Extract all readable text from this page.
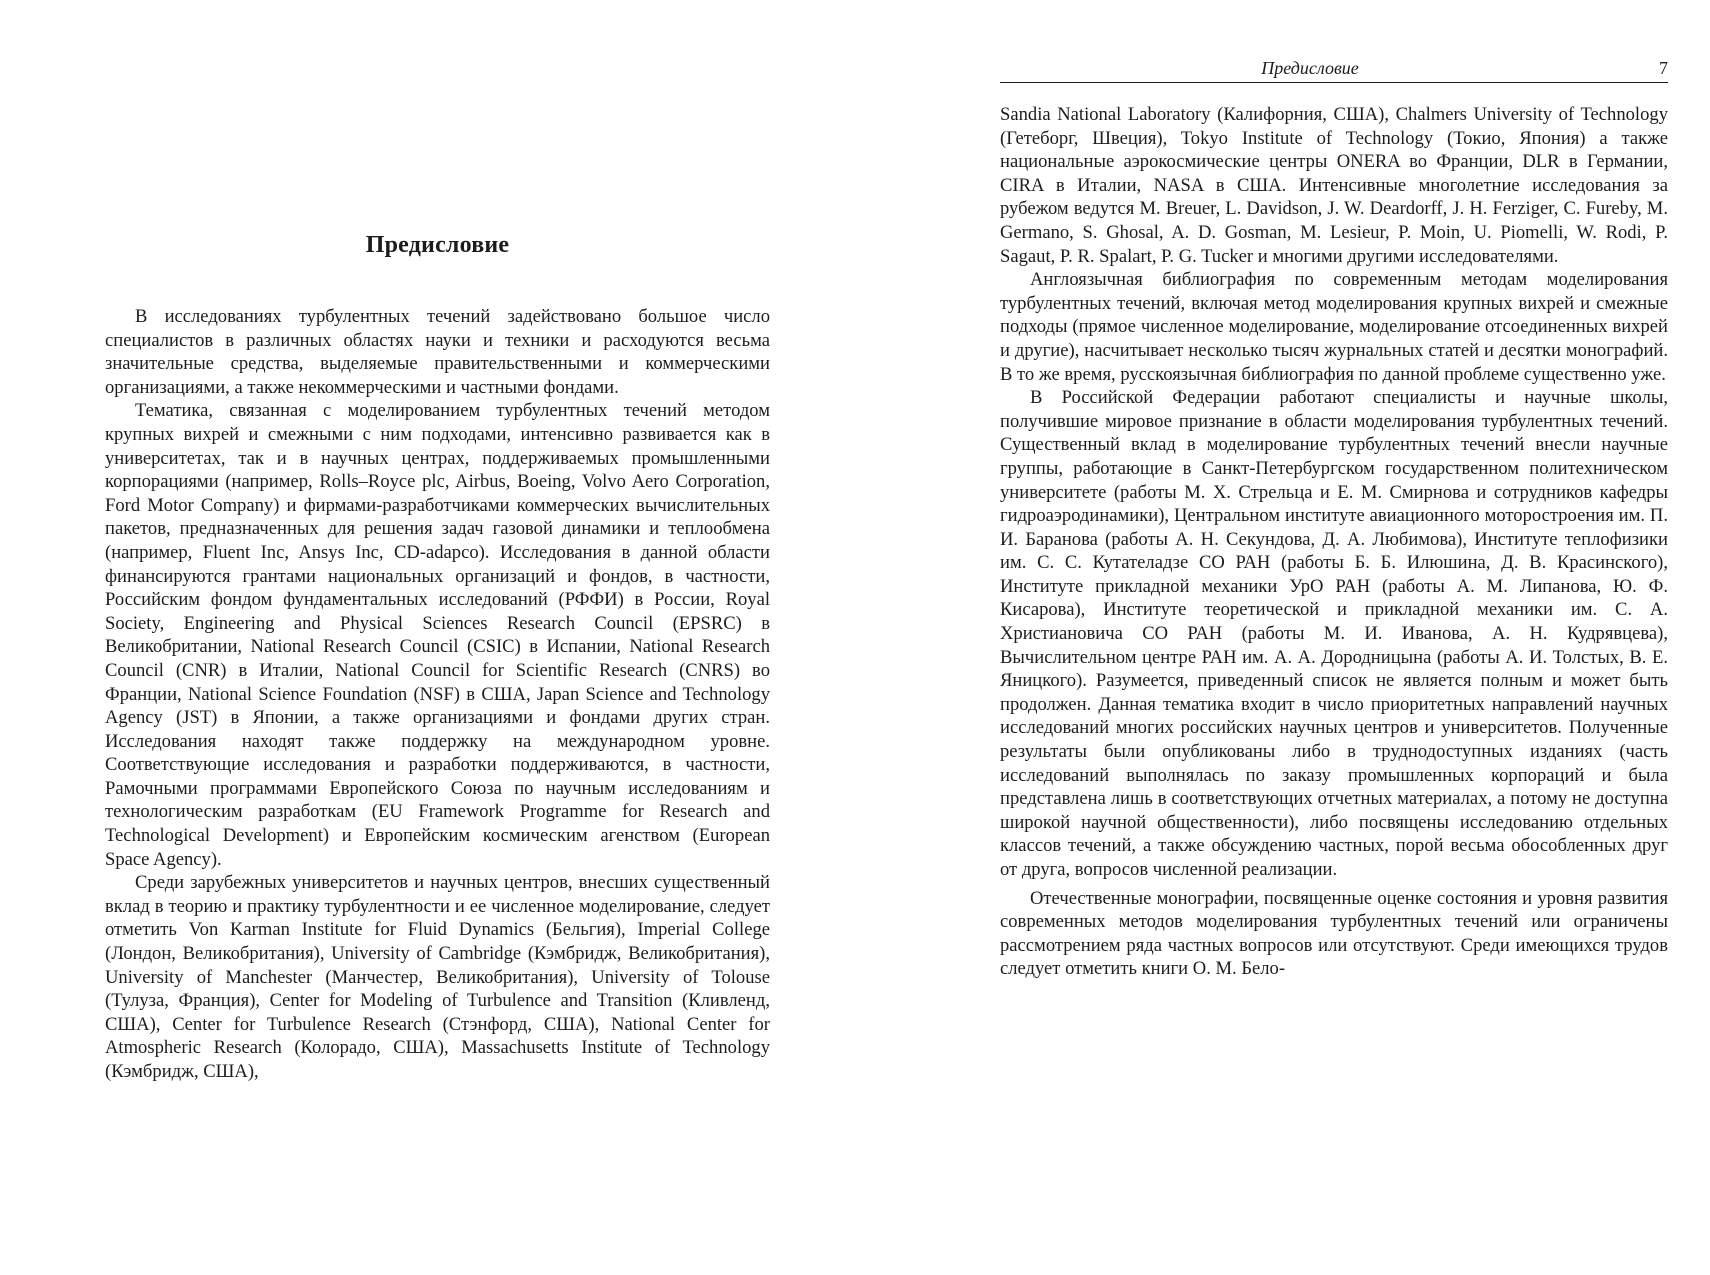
Предисловие

В исследованиях турбулентных течений задействовано большое число специалистов в различных областях науки и техники и расходуются весьма значительные средства, выделяемые правительственными и коммерческими организациями, а также некоммерческими и частными фондами.

Тематика, связанная с моделированием турбулентных течений методом крупных вихрей и смежными с ним подходами, интенсивно развивается как в университетах, так и в научных центрах, поддерживаемых промышленными корпорациями (например, Rolls–Royce plc, Airbus, Boeing, Volvo Aero Corporation, Ford Motor Company) и фирмами-разработчиками коммерческих вычислительных пакетов, предназначенных для решения задач газовой динамики и теплообмена (например, Fluent Inc, Ansys Inc, CD-adapco). Исследования в данной области финансируются грантами национальных организаций и фондов, в частности, Российским фондом фундаментальных исследований (РФФИ) в России, Royal Society, Engineering and Physical Sciences Research Council (EPSRC) в Великобритании, National Research Council (CSIC) в Испании, National Research Council (CNR) в Италии, National Council for Scientific Research (CNRS) во Франции, National Science Foundation (NSF) в США, Japan Science and Technology Agency (JST) в Японии, а также организациями и фондами других стран. Исследования находят также поддержку на международном уровне. Соответствующие исследования и разработки поддерживаются, в частности, Рамочными программами Европейского Союза по научным исследованиям и технологическим разработкам (EU Framework Programme for Research and Technological Development) и Европейским космическим агенством (European Space Agency).

Среди зарубежных университетов и научных центров, внесших существенный вклад в теорию и практику турбулентности и ее численное моделирование, следует отметить Von Karman Institute for Fluid Dynamics (Бельгия), Imperial College (Лондон, Великобритания), University of Cambridge (Кэмбридж, Великобритания), University of Manchester (Манчестер, Великобритания), University of Tolouse (Тулуза, Франция), Center for Modeling of Turbulence and Transition (Кливленд, США), Center for Turbulence Research (Стэнфорд, США), National Center for Atmospheric Research (Колорадо, США), Massachusetts Institute of Technology (Кэмбридж, США),

Предисловие	7

Sandia National Laboratory (Калифорния, США), Chalmers University of Technology (Гетеборг, Швеция), Tokyo Institute of Technology (Токио, Япония) а также национальные аэрокосмические центры ONERA во Франции, DLR в Германии, CIRA в Италии, NASA в США. Интенсивные многолетние исследования за рубежом ведутся M. Breuer, L. Davidson, J. W. Deardorff, J. H. Ferziger, C. Fureby, M. Germano, S. Ghosal, A. D. Gosman, M. Lesieur, P. Moin, U. Piomelli, W. Rodi, P. Sagaut, P. R. Spalart, P. G. Tucker и многими другими исследователями.

Англоязычная библиография по современным методам моделирования турбулентных течений, включая метод моделирования крупных вихрей и смежные подходы (прямое численное моделирование, моделирование отсоединенных вихрей и другие), насчитывает несколько тысяч журнальных статей и десятки монографий. В то же время, русскоязычная библиография по данной проблеме существенно уже.

В Российской Федерации работают специалисты и научные школы, получившие мировое признание в области моделирования турбулентных течений. Существенный вклад в моделирование турбулентных течений внесли научные группы, работающие в Санкт-Петербургском государственном политехническом университете (работы М. Х. Стрельца и Е. М. Смирнова и сотрудников кафедры гидроаэродинамики), Центральном институте авиационного моторостроения им. П. И. Баранова (работы А. Н. Секундова, Д. А. Любимова), Институте теплофизики им. С. С. Кутателадзе СО РАН (работы Б. Б. Илюшина, Д. В. Красинского), Институте прикладной механики УрО РАН (работы А. М. Липанова, Ю. Ф. Кисарова), Институте теоретической и прикладной механики им. С. А. Христиановича СО РАН (работы М. И. Иванова, А. Н. Кудрявцева), Вычислительном центре РАН им. А. А. Дородницына (работы А. И. Толстых, В. Е. Яницкого). Разумеется, приведенный список не является полным и может быть продолжен. Данная тематика входит в число приоритетных направлений научных исследований многих российских научных центров и университетов. Полученные результаты были опубликованы либо в труднодоступных изданиях (часть исследований выполнялась по заказу промышленных корпораций и была представлена лишь в соответствующих отчетных материалах, а потому не доступна широкой научной общественности), либо посвящены исследованию отдельных классов течений, а также обсуждению частных, порой весьма обособленных друг от друга, вопросов численной реализации.

Отечественные монографии, посвященные оценке состояния и уровня развития современных методов моделирования турбулентных течений или ограничены рассмотрением ряда частных вопросов или отсутствуют. Среди имеющихся трудов следует отметить книги О. М. Бело-
